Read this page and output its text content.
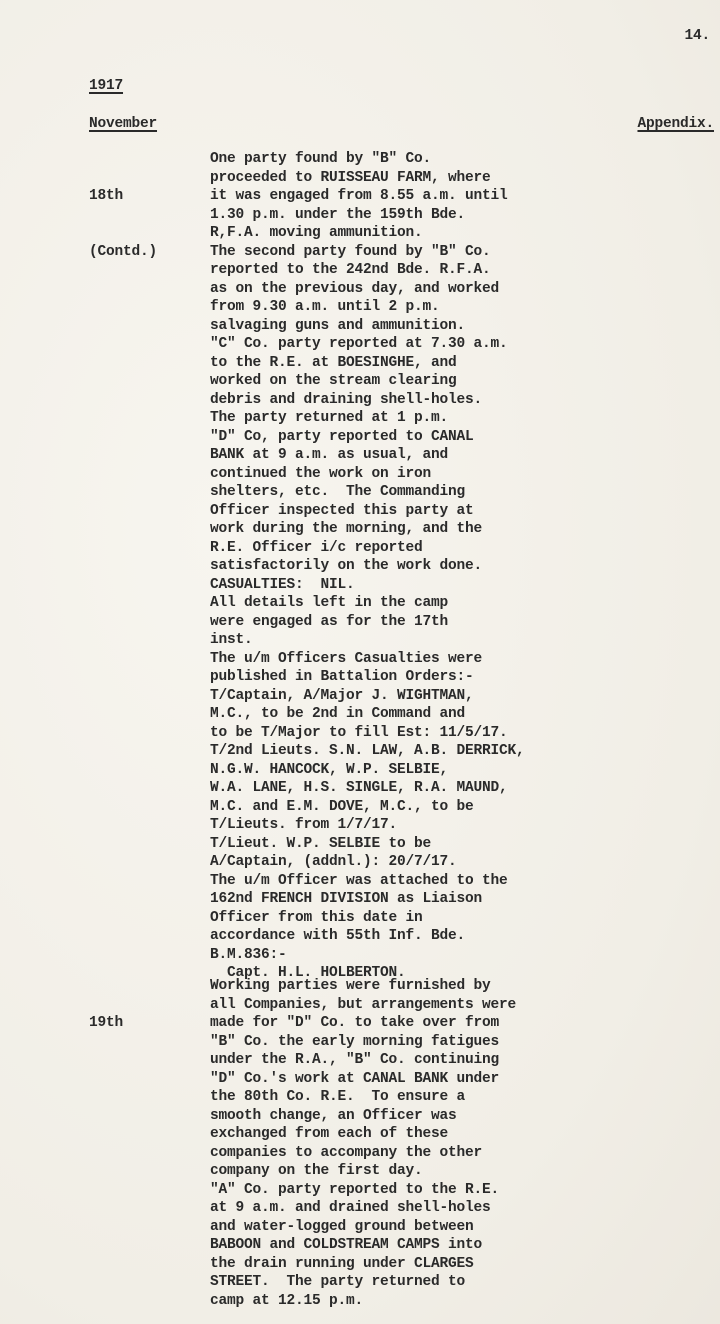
14.
1917
November	Appendix.

18th

(Contd.)

One party found by "B" Co.
proceeded to RUISSEAU FARM, where
it was engaged from 8.55 a.m. until
1.30 p.m. under the 159th Bde.
R,F.A. moving ammunition.
The second party found by "B" Co.
reported to the 242nd Bde. R.F.A.
as on the previous day, and worked
from 9.30 a.m. until 2 p.m.
salvaging guns and ammunition.
"C" Co. party reported at 7.30 a.m.
to the R.E. at BOESINGHE, and
worked on the stream clearing
debris and draining shell-holes.
The party returned at 1 p.m.
"D" Co, party reported to CANAL
BANK at 9 a.m. as usual, and
continued the work on iron
shelters, etc.  The Commanding
Officer inspected this party at
work during the morning, and the
R.E. Officer i/c reported
satisfactorily on the work done.
CASUALTIES:  NIL.
All details left in the camp
were engaged as for the 17th
inst.
The u/m Officers Casualties were
published in Battalion Orders:-
T/Captain, A/Major J. WIGHTMAN,
M.C., to be 2nd in Command and
to be T/Major to fill Est: 11/5/17.
T/2nd Lieuts. S.N. LAW, A.B. DERRICK,
N.G.W. HANCOCK, W.P. SELBIE,
W.A. LANE, H.S. SINGLE, R.A. MAUND,
M.C. and E.M. DOVE, M.C., to be
T/Lieuts. from 1/7/17.
T/Lieut. W.P. SELBIE to be
A/Captain, (addnl.): 20/7/17.
The u/m Officer was attached to the
162nd FRENCH DIVISION as Liaison
Officer from this date in
accordance with 55th Inf. Bde.
B.M.836:-
Capt. H.L. HOLBERTON.

19th

Working parties were furnished by
all Companies, but arrangements were
made for "D" Co. to take over from
"B" Co. the early morning fatigues
under the R.A., "B" Co. continuing
"D" Co.'s work at CANAL BANK under
the 80th Co. R.E.  To ensure a
smooth change, an Officer was
exchanged from each of these
companies to accompany the other
company on the first day.
"A" Co. party reported to the R.E.
at 9 a.m. and drained shell-holes
and water-logged ground between
BABOON and COLDSTREAM CAMPS into
the drain running under CLARGES
STREET.  The party returned to
camp at 12.15 p.m.
